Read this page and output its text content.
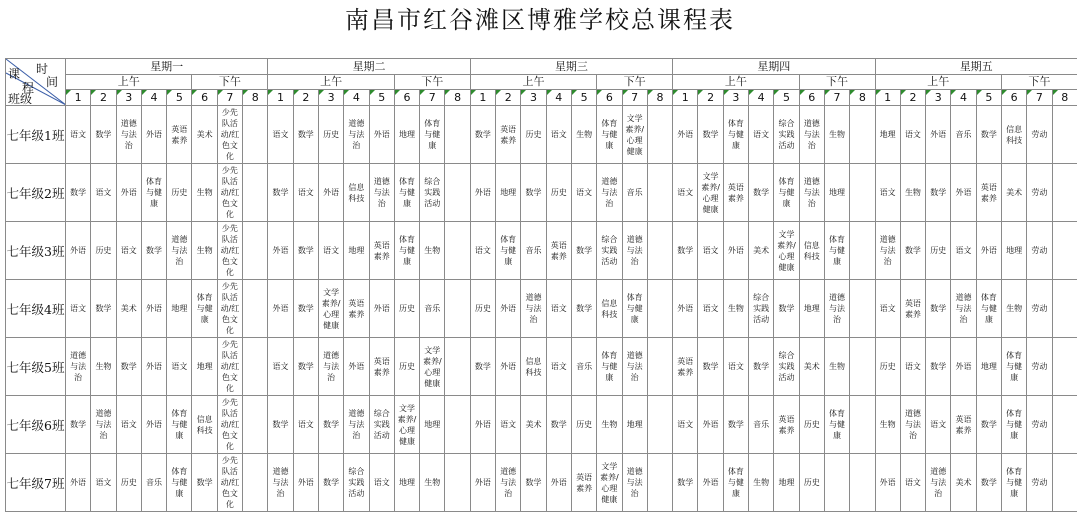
南昌市红谷滩区博雅学校总课程表
时
间
课
程
班级	星期一								星期二								星期三								星期四								星期五							
	上午					下午			上午					下午			上午					下午			上午					下午			上午					下午		
	1	2	3	4	5	6	7	8	1	2	3	4	5	6	7	8	1	2	3	4	5	6	7	8	1	2	3	4	5	6	7	8	1	2	3	4	5	6	7	8
七年级1班	语文	数学	道德与法治	外语	英语素养	美术	少先队活动/红色文化		语文	数学	历史	道德与法治	外语	地理	体育与健康		数学	英语素养	历史	语文	生物	体育与健康	文学素养/心理健康		外语	数学	体育与健康	语文	综合实践活动	道德与法治	生物		地理	语文	外语	音乐	数学	信息科技	劳动	
七年级2班	数学	语文	外语	体育与健康	历史	生物	少先队活动/红色文化		数学	语文	外语	信息科技	道德与法治	体育与健康	综合实践活动		外语	地理	数学	历史	语文	道德与法治	音乐		语文	文学素养/心理健康	英语素养	数学	体育与健康	道德与法治	地理		语文	生物	数学	外语	英语素养	美术	劳动	
七年级3班	外语	历史	语文	数学	道德与法治	生物	少先队活动/红色文化		外语	数学	语文	地理	英语素养	体育与健康	生物		语文	体育与健康	音乐	英语素养	数学	综合实践活动	道德与法治		数学	语文	外语	美术	文学素养/心理健康	信息科技	体育与健康		道德与法治	数学	历史	语文	外语	地理	劳动	
七年级4班	语文	数学	美术	外语	地理	体育与健康	少先队活动/红色文化		外语	数学	文学素养/心理健康	英语素养	外语	历史	音乐		历史	外语	道德与法治	语文	数学	信息科技	体育与健康		外语	语文	生物	综合实践活动	数学	地理	道德与法治		语文	英语素养	数学	道德与法治	体育与健康	生物	劳动	
七年级5班	道德与法治	生物	数学	外语	语文	地理	少先队活动/红色文化		语文	数学	道德与法治	外语	英语素养	历史	文学素养/心理健康		数学	外语	信息科技	语文	音乐	体育与健康	道德与法治		英语素养	数学	语文	数学	综合实践活动	美术	生物		历史	语文	数学	外语	地理	体育与健康	劳动	
七年级6班	数学	道德与法治	语文	外语	体育与健康	信息科技	少先队活动/红色文化		数学	语文	数学	道德与法治	综合实践活动	文学素养/心理健康	地理		外语	语文	美术	数学	历史	生物	地理		语文	外语	数学	音乐	英语素养	历史	体育与健康		生物	道德与法治	语文	英语素养	数学	体育与健康	劳动	
七年级7班	外语	语文	历史	音乐	体育与健康	数学	少先队活动/红色文化		道德与法治	外语	数学	综合实践活动	语文	地理	生物		外语	道德与法治	数学	外语	英语素养	文学素养/心理健康	道德与法治		数学	外语	体育与健康	生物	地理	历史			外语	语文	道德与法治	美术	数学	体育与健康	劳动	
